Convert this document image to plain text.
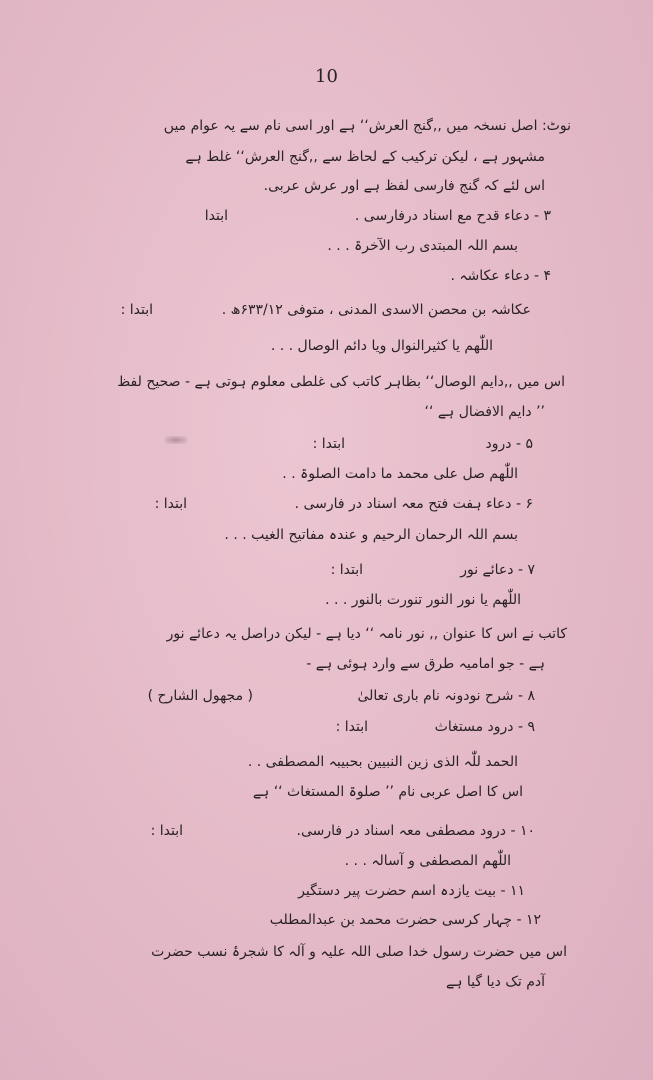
10
نوٹ: اصل نسخہ میں ,,گنج العرش‘‘ ہے اور اسی نام سے یہ عوام میں
مشہور ہے ، لیکن ترکیب کے لحاظ سے ,,گنج العرش‘‘ غلط ہے
اس لئے کہ گنج فارسی لفظ ہے اور عرش عربی.
۳ - دعاء قدح مع اسناد درفارسی .
ابتدا
بسم اللہ المبتدی رب الآخرۃ . . .
۴ - دعاء عکاشہ .
عکاشہ بن محصن الاسدی المدنی ، متوفی ۶۳۳/۱۲ھ .
ابتدا :
اللّٰھم یا کثیرالنوال ویا دائم الوصال . . .
اس میں ,,دایم الوصال‘‘ بظاہر کاتب کی غلطی معلوم ہوتی ہے - صحیح لفظ
’’ دایم الافضال ہے ‘‘
۵ - درود
ابتدا :
اللّٰھم صل علی محمد ما دامت الصلوۃ . .
۶ - دعاء ہفت فتح معہ اسناد در فارسی .
ابتدا :
بسم اللہ الرحمان الرحیم و عندہ مفاتیح الغیب . . .
۷ - دعائے نور
ابتدا :
اللّٰھم یا نور النور تنورت بالنور . . .
کاتب نے اس کا عنوان ,, نور نامہ ‘‘ دیا ہے - لیکن دراصل یہ دعائے نور
ہے - جو امامیہ طرق سے وارد ہوئی ہے -
۸ - شرح نودونہ نام باری تعالیٰ
( مجھول الشارح )
۹ - درود مستغاث
ابتدا :
الحمد للّٰہ الذی زین النبیین بحبیبہ المصطفی . .
اس کا اصل عربی نام ’’ صلوۃ المستغاث ‘‘ ہے
۱۰ - درود مصطفی معہ اسناد در فارسی.
ابتدا :
اللّٰھم المصطفی و آسالہ . . .
۱۱ - بیت یازدہ اسم حضرت پیر دستگیر
۱۲ - چہار کرسی حضرت محمد بن عبدالمطلب
اس میں حضرت رسول خدا صلی اللہ علیہ و آلہ کا شجرۂ نسب حضرت
آدم تک دیا گیا ہے
